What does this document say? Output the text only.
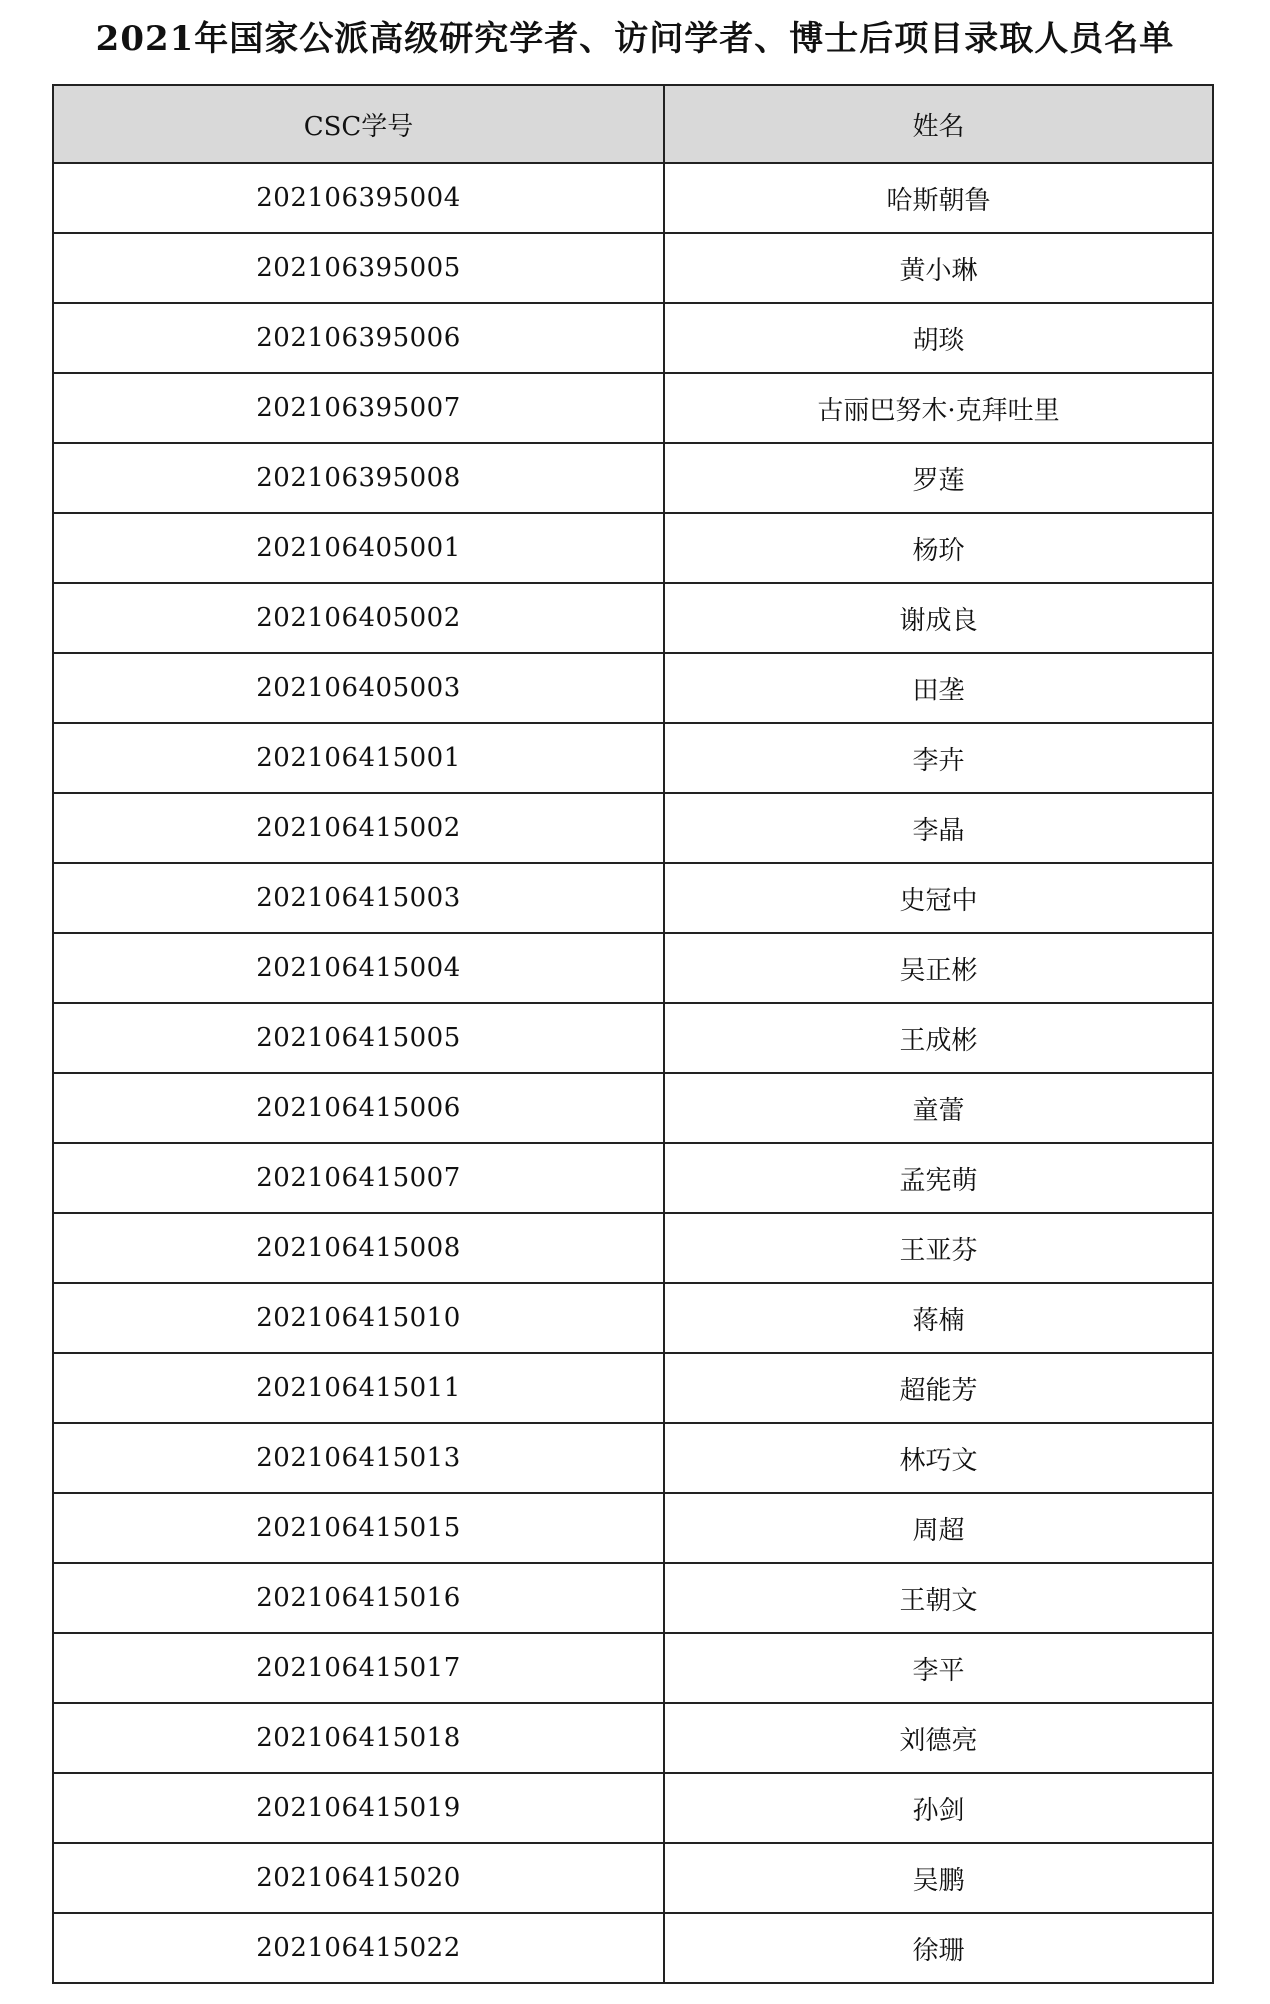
2021年国家公派高级研究学者、访问学者、博士后项目录取人员名单
CSC学号	姓名
202106395004	哈斯朝鲁
202106395005	黄小琳
202106395006	胡琰
202106395007	古丽巴努木·克拜吐里
202106395008	罗莲
202106405001	杨玠
202106405002	谢成良
202106405003	田垄
202106415001	李卉
202106415002	李晶
202106415003	史冠中
202106415004	吴正彬
202106415005	王成彬
202106415006	童蕾
202106415007	孟宪萌
202106415008	王亚芬
202106415010	蒋楠
202106415011	超能芳
202106415013	林巧文
202106415015	周超
202106415016	王朝文
202106415017	李平
202106415018	刘德亮
202106415019	孙剑
202106415020	吴鹏
202106415022	徐珊
